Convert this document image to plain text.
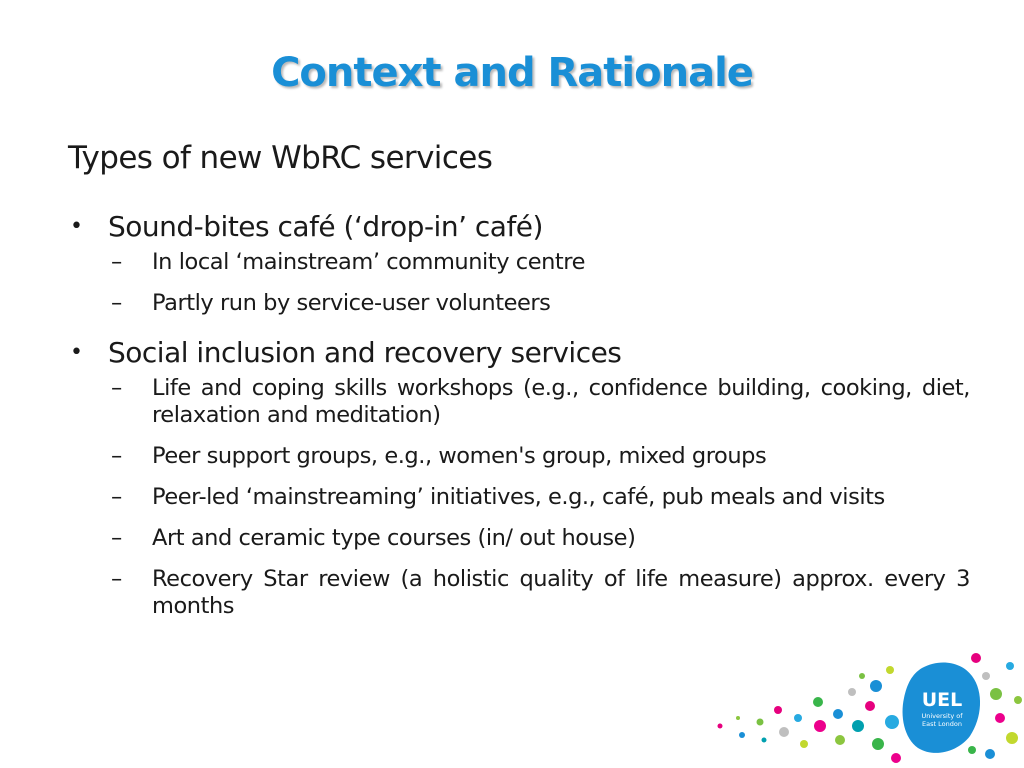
Context and Rationale

Types of new WbRC services

• Sound-bites café (‘drop-in’ café)

– In local ‘mainstream’ community centre

– Partly run by service-user volunteers

• Social inclusion and recovery services

– Life and coping skills workshops (e.g., confidence building, cooking, diet, relaxation and meditation)

– Peer support groups, e.g., women's group, mixed groups

– Peer-led ‘mainstreaming’ initiatives, e.g., café, pub meals and visits

– Art and ceramic type courses (in/ out house)

– Recovery Star review (a holistic quality of life measure) approx. every 3 months

UEL
University of
East London
